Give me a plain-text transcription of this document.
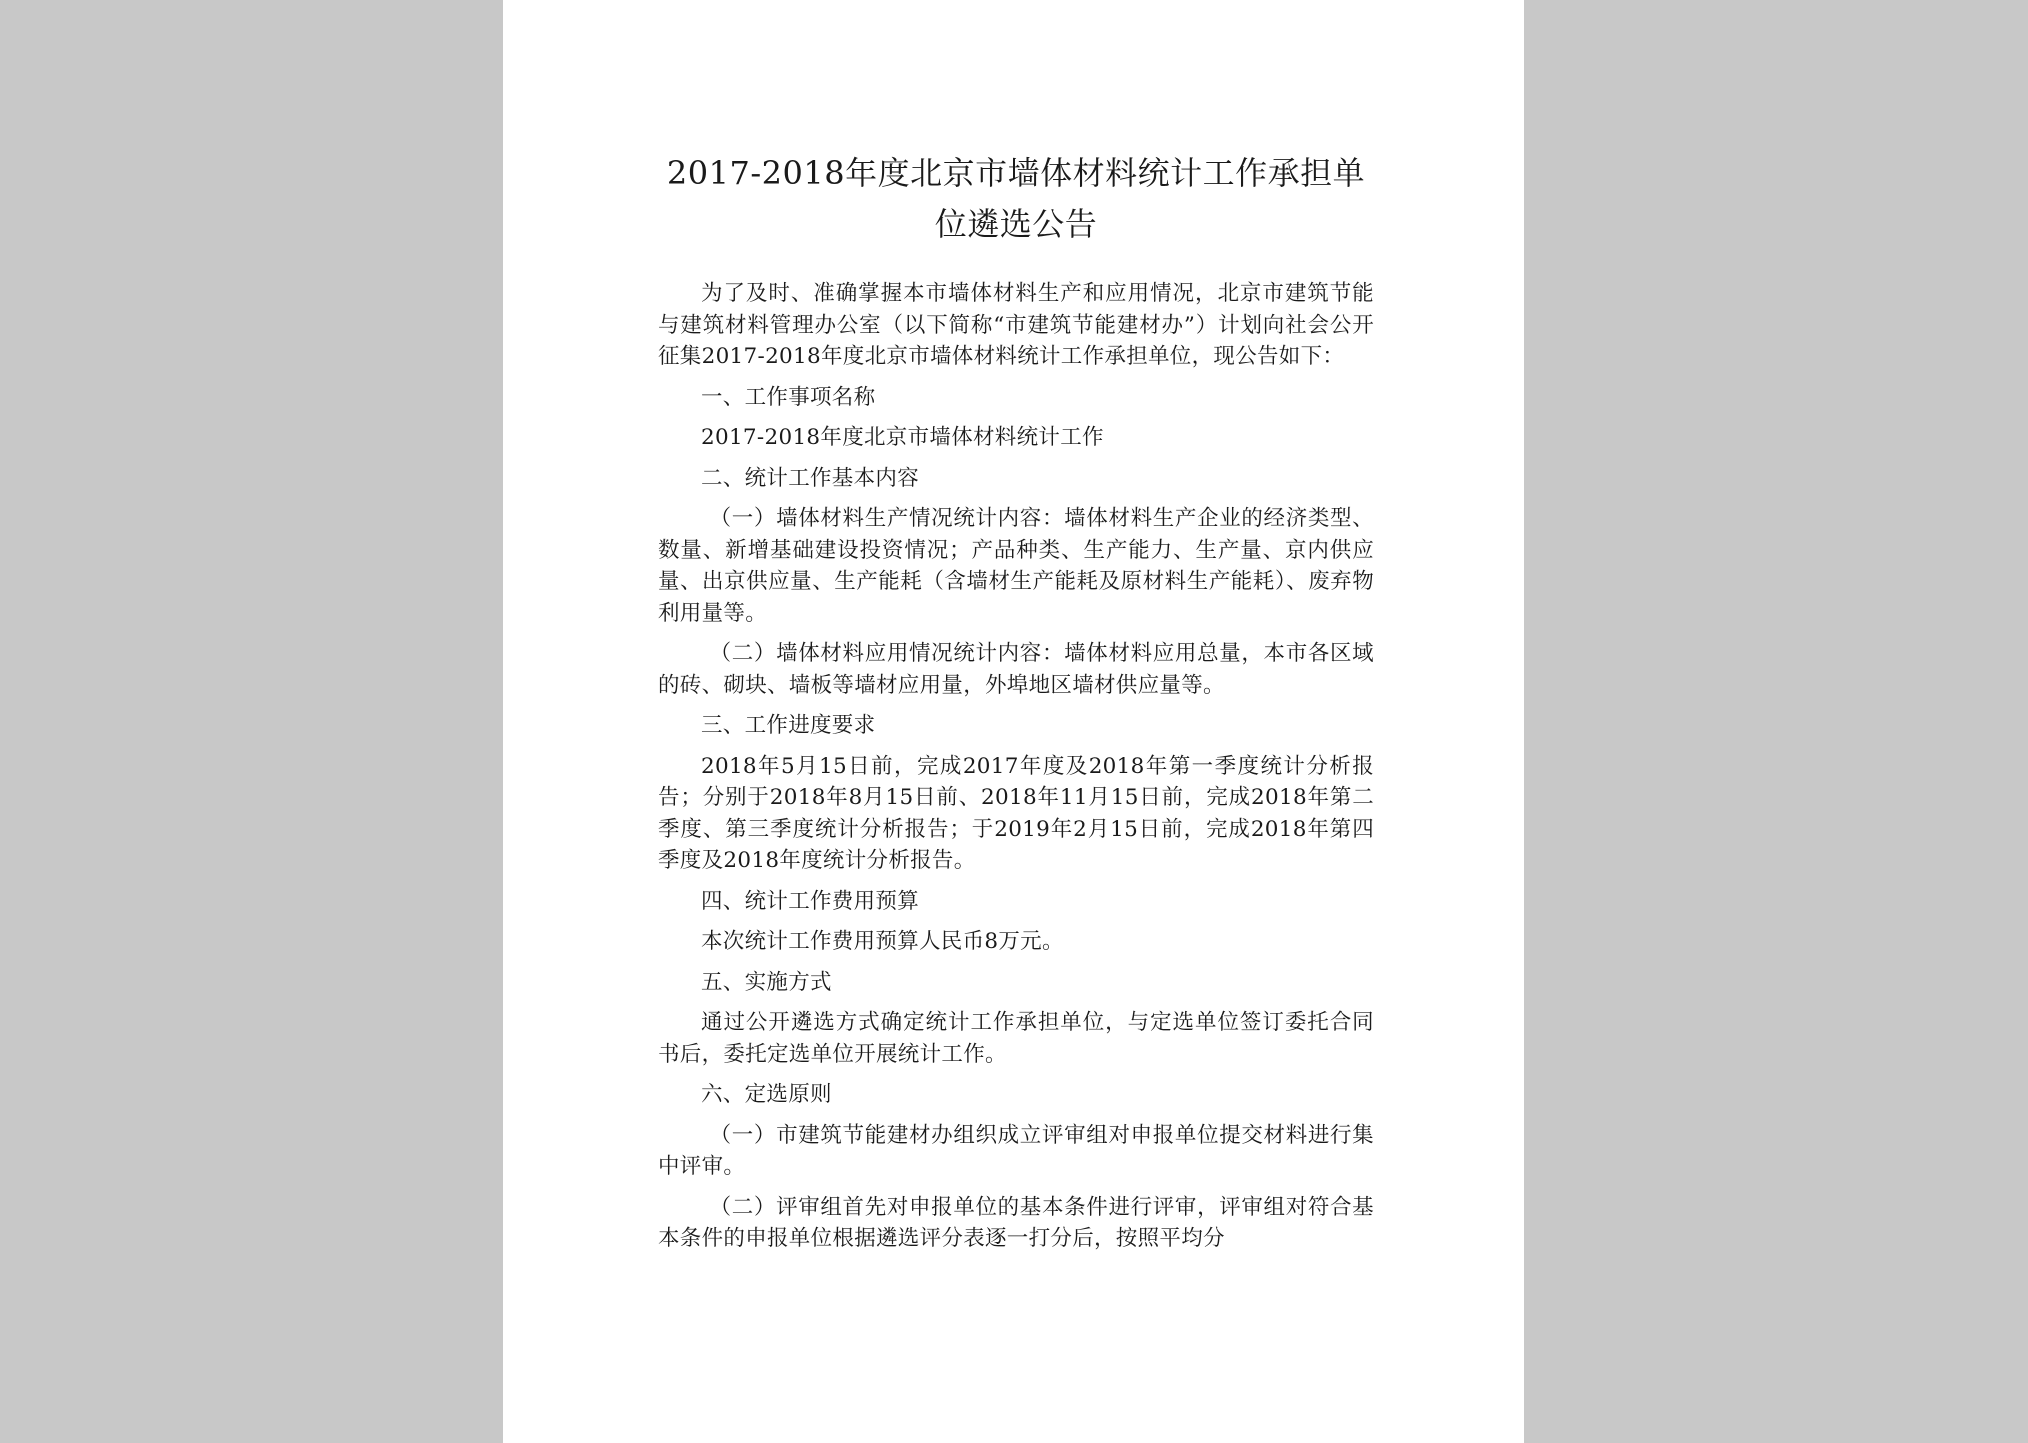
2017-2018年度北京市墙体材料统计工作承担单位遴选公告

为了及时、准确掌握本市墙体材料生产和应用情况，北京市建筑节能与建筑材料管理办公室（以下简称“市建筑节能建材办”）计划向社会公开征集2017-2018年度北京市墙体材料统计工作承担单位，现公告如下：

一、工作事项名称

2017-2018年度北京市墙体材料统计工作

二、统计工作基本内容

（一）墙体材料生产情况统计内容：墙体材料生产企业的经济类型、数量、新增基础建设投资情况；产品种类、生产能力、生产量、京内供应量、出京供应量、生产能耗（含墙材生产能耗及原材料生产能耗）、废弃物利用量等。

（二）墙体材料应用情况统计内容：墙体材料应用总量，本市各区域的砖、砌块、墙板等墙材应用量，外埠地区墙材供应量等。

三、工作进度要求

2018年5月15日前，完成2017年度及2018年第一季度统计分析报告；分别于2018年8月15日前、2018年11月15日前，完成2018年第二季度、第三季度统计分析报告；于2019年2月15日前，完成2018年第四季度及2018年度统计分析报告。

四、统计工作费用预算

本次统计工作费用预算人民币8万元。

五、实施方式

通过公开遴选方式确定统计工作承担单位，与定选单位签订委托合同书后，委托定选单位开展统计工作。

六、定选原则

（一）市建筑节能建材办组织成立评审组对申报单位提交材料进行集中评审。

（二）评审组首先对申报单位的基本条件进行评审，评审组对符合基本条件的申报单位根据遴选评分表逐一打分后，按照平均分
